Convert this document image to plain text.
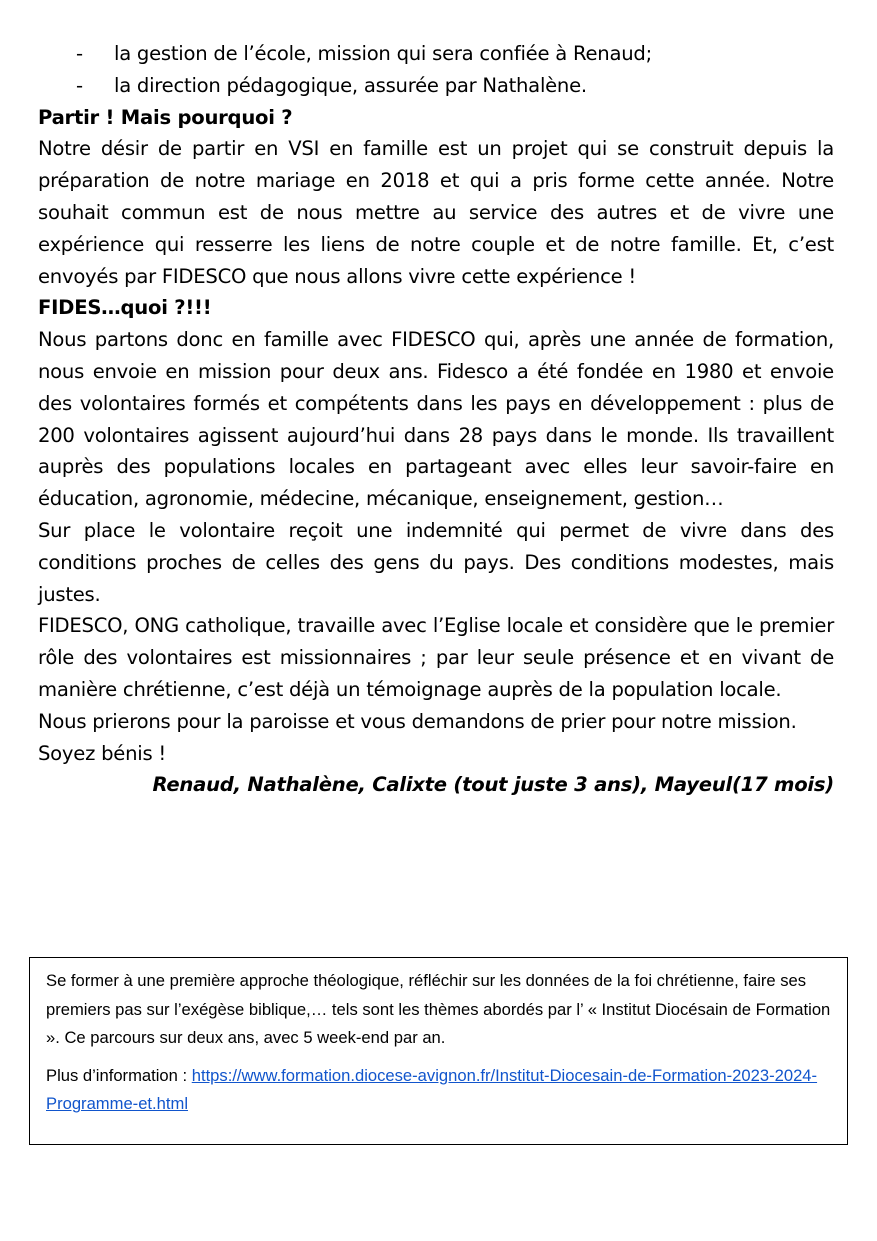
- la gestion de l’école, mission qui sera confiée à Renaud;
- la direction pédagogique, assurée par Nathalène.
Partir ! Mais pourquoi ?
Notre désir de partir en VSI en famille est un projet qui se construit depuis la préparation de notre mariage en 2018 et qui a pris forme cette année. Notre souhait commun est de nous mettre au service des autres et de vivre une expérience qui resserre les liens de notre couple et de notre famille. Et, c’est envoyés par FIDESCO que nous allons vivre cette expérience !
FIDES…quoi ?!!!
Nous partons donc en famille avec FIDESCO qui, après une année de formation, nous envoie en mission pour deux ans. Fidesco a été fondée en 1980 et envoie des volontaires formés et compétents dans les pays en développement : plus de 200 volontaires agissent aujourd’hui dans 28 pays dans le monde. Ils travaillent auprès des populations locales en partageant avec elles leur savoir-faire en éducation, agronomie, médecine, mécanique, enseignement, gestion…
Sur place le volontaire reçoit une indemnité qui permet de vivre dans des conditions proches de celles des gens du pays. Des conditions modestes, mais justes.
FIDESCO, ONG catholique, travaille avec l’Eglise locale et considère que le premier rôle des volontaires est missionnaires ; par leur seule présence et en vivant de manière chrétienne, c’est déjà un témoignage auprès de la population locale.
Nous prierons pour la paroisse et vous demandons de prier pour notre mission.
Soyez bénis !
Renaud, Nathalène, Calixte (tout juste 3 ans), Mayeul(17 mois)

Se former à une première approche théologique, réfléchir sur les données de la foi chrétienne, faire ses premiers pas sur l’exégèse biblique,… tels sont les thèmes abordés par l’ « Institut Diocésain de Formation ». Ce parcours sur deux ans, avec 5 week-end par an.

Plus d’information : https://www.formation.diocese-avignon.fr/Institut-Diocesain-de-Formation-2023-2024-Programme-et.html
